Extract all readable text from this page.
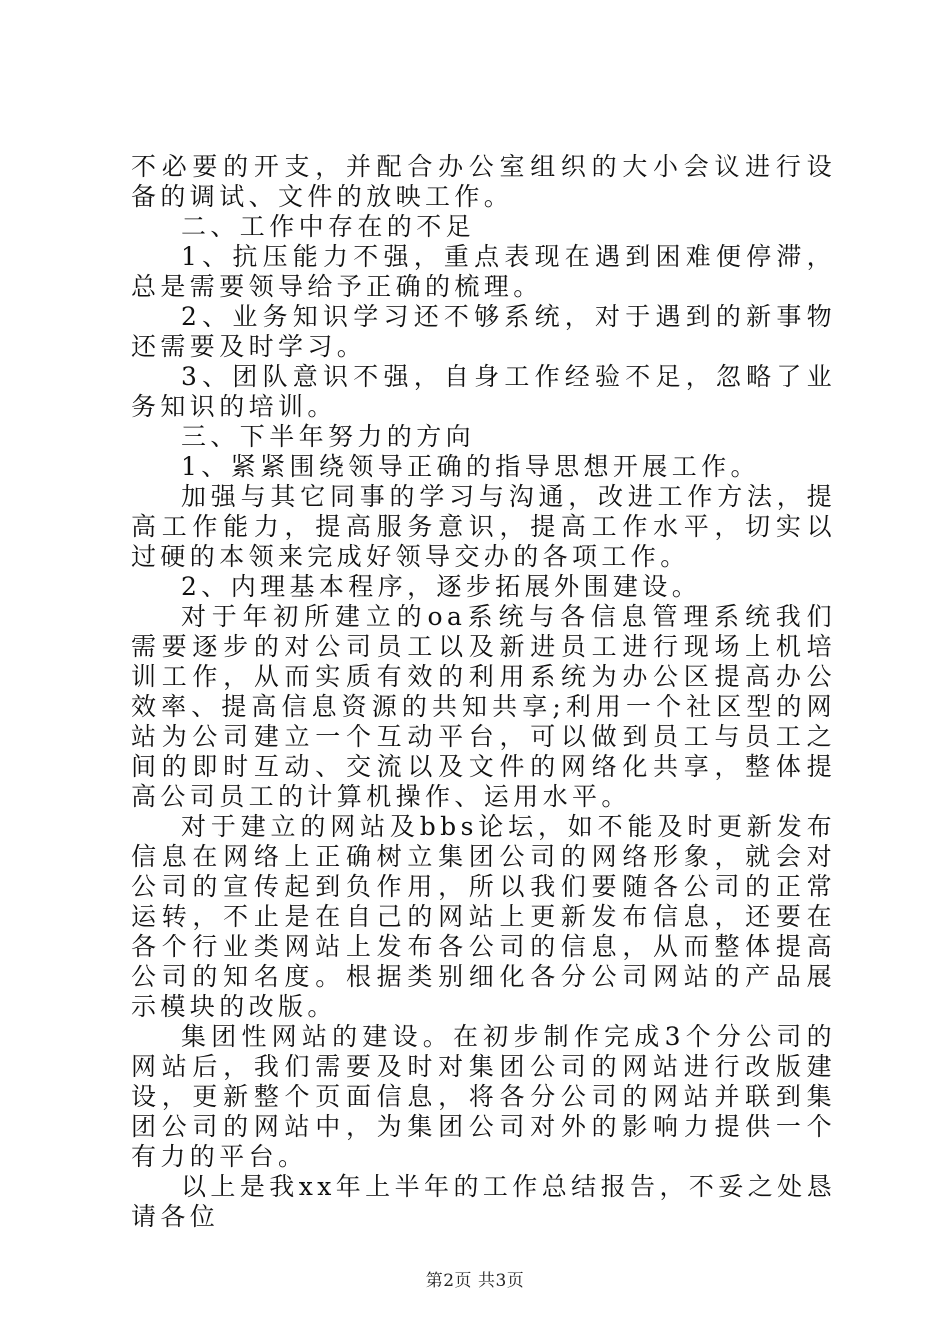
不必要的开支，并配合办公室组织的大小会议进行设备的调试、文件的放映工作。

二、工作中存在的不足

1、抗压能力不强，重点表现在遇到困难便停滞，总是需要领导给予正确的梳理。

2、业务知识学习还不够系统，对于遇到的新事物还需要及时学习。

3、团队意识不强，自身工作经验不足，忽略了业务知识的培训。

三、下半年努力的方向

1、紧紧围绕领导正确的指导思想开展工作。

加强与其它同事的学习与沟通，改进工作方法，提高工作能力，提高服务意识，提高工作水平，切实以过硬的本领来完成好领导交办的各项工作。

2、内理基本程序，逐步拓展外围建设。

对于年初所建立的oa系统与各信息管理系统我们需要逐步的对公司员工以及新进员工进行现场上机培训工作，从而实质有效的利用系统为办公区提高办公效率、提高信息资源的共知共享;利用一个社区型的网站为公司建立一个互动平台，可以做到员工与员工之间的即时互动、交流以及文件的网络化共享，整体提高公司员工的计算机操作、运用水平。

对于建立的网站及bbs论坛，如不能及时更新发布信息在网络上正确树立集团公司的网络形象，就会对公司的宣传起到负作用，所以我们要随各公司的正常运转，不止是在自己的网站上更新发布信息，还要在各个行业类网站上发布各公司的信息，从而整体提高公司的知名度。根据类别细化各分公司网站的产品展示模块的改版。

集团性网站的建设。在初步制作完成3个分公司的网站后，我们需要及时对集团公司的网站进行改版建设，更新整个页面信息，将各分公司的网站并联到集团公司的网站中，为集团公司对外的影响力提供一个有力的平台。

以上是我xx年上半年的工作总结报告，不妥之处恳请各位

第2页 共3页
